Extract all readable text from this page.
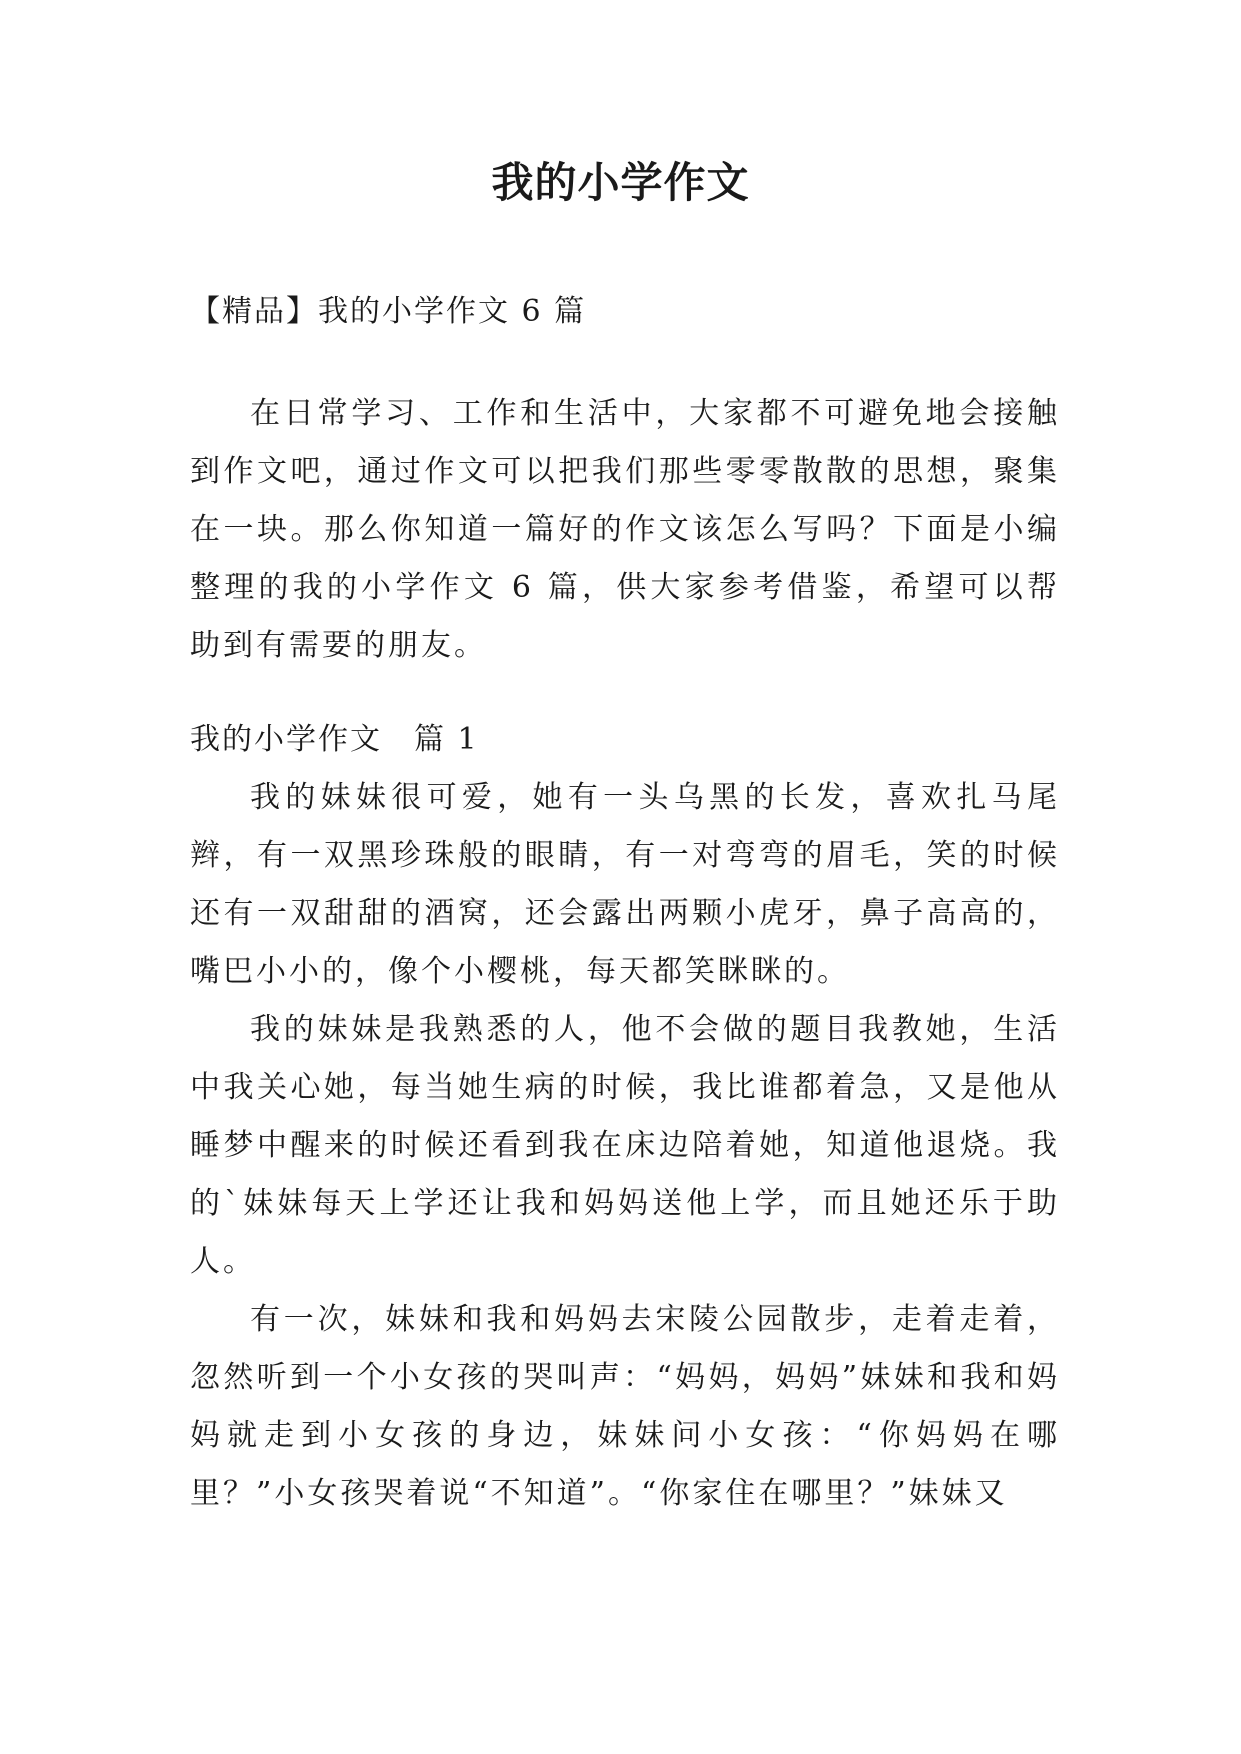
我的小学作文

【精品】我的小学作文 6 篇

在日常学习、工作和生活中，大家都不可避免地会接触到作文吧，通过作文可以把我们那些零零散散的思想，聚集在一块。那么你知道一篇好的作文该怎么写吗？下面是小编整理的我的小学作文 6 篇，供大家参考借鉴，希望可以帮助到有需要的朋友。

我的小学作文　篇 1

我的妹妹很可爱，她有一头乌黑的长发，喜欢扎马尾辫，有一双黑珍珠般的眼睛，有一对弯弯的眉毛，笑的时候还有一双甜甜的酒窝，还会露出两颗小虎牙，鼻子高高的，嘴巴小小的，像个小樱桃，每天都笑眯眯的。

我的妹妹是我熟悉的人，他不会做的题目我教她，生活中我关心她，每当她生病的时候，我比谁都着急，又是他从睡梦中醒来的时候还看到我在床边陪着她，知道他退烧。我的`妹妹每天上学还让我和妈妈送他上学，而且她还乐于助人。

有一次，妹妹和我和妈妈去宋陵公园散步，走着走着，忽然听到一个小女孩的哭叫声：“妈妈，妈妈”妹妹和我和妈妈就走到小女孩的身边，妹妹问小女孩：“你妈妈在哪里？”小女孩哭着说“不知道”。“你家住在哪里？”妹妹又
